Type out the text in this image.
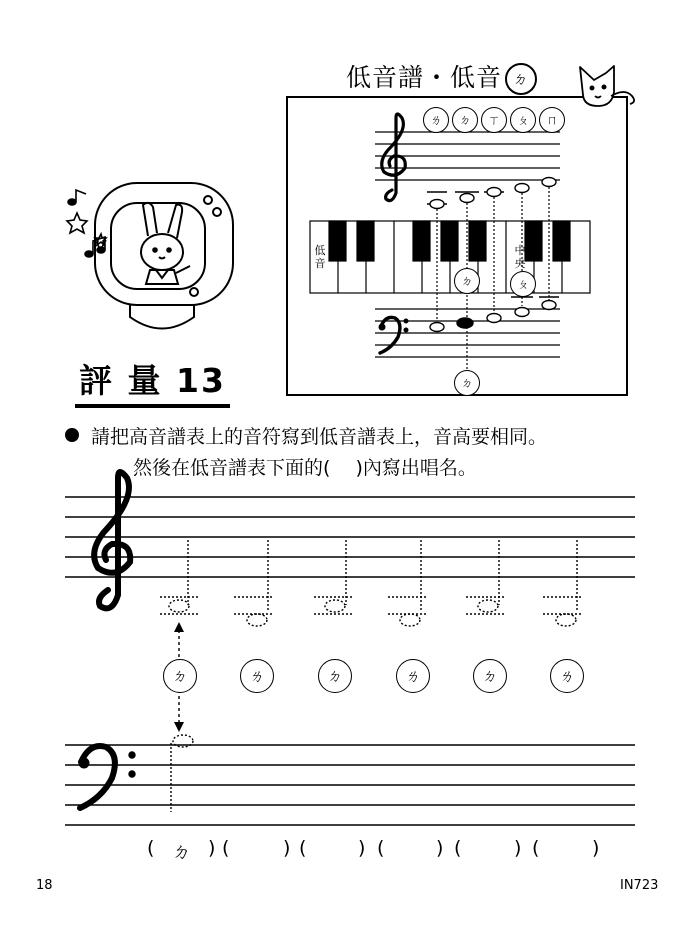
低音譜・低音 ㄉ
評 量 13
ㄌ	ㄉ	ㄒ	ㄆ	ㄇ
低音
中央
ㄉ	ㄆ
ㄉ
請把高音譜表上的音符寫到低音譜表上，音高要相同。
然後在低音譜表下面的(　 )內寫出唱名。
ㄉ	ㄌ	ㄉ	ㄌ	ㄉ	ㄌ
( ㄉ ) (	) (	) (	) (	) (	)
18	IN723
